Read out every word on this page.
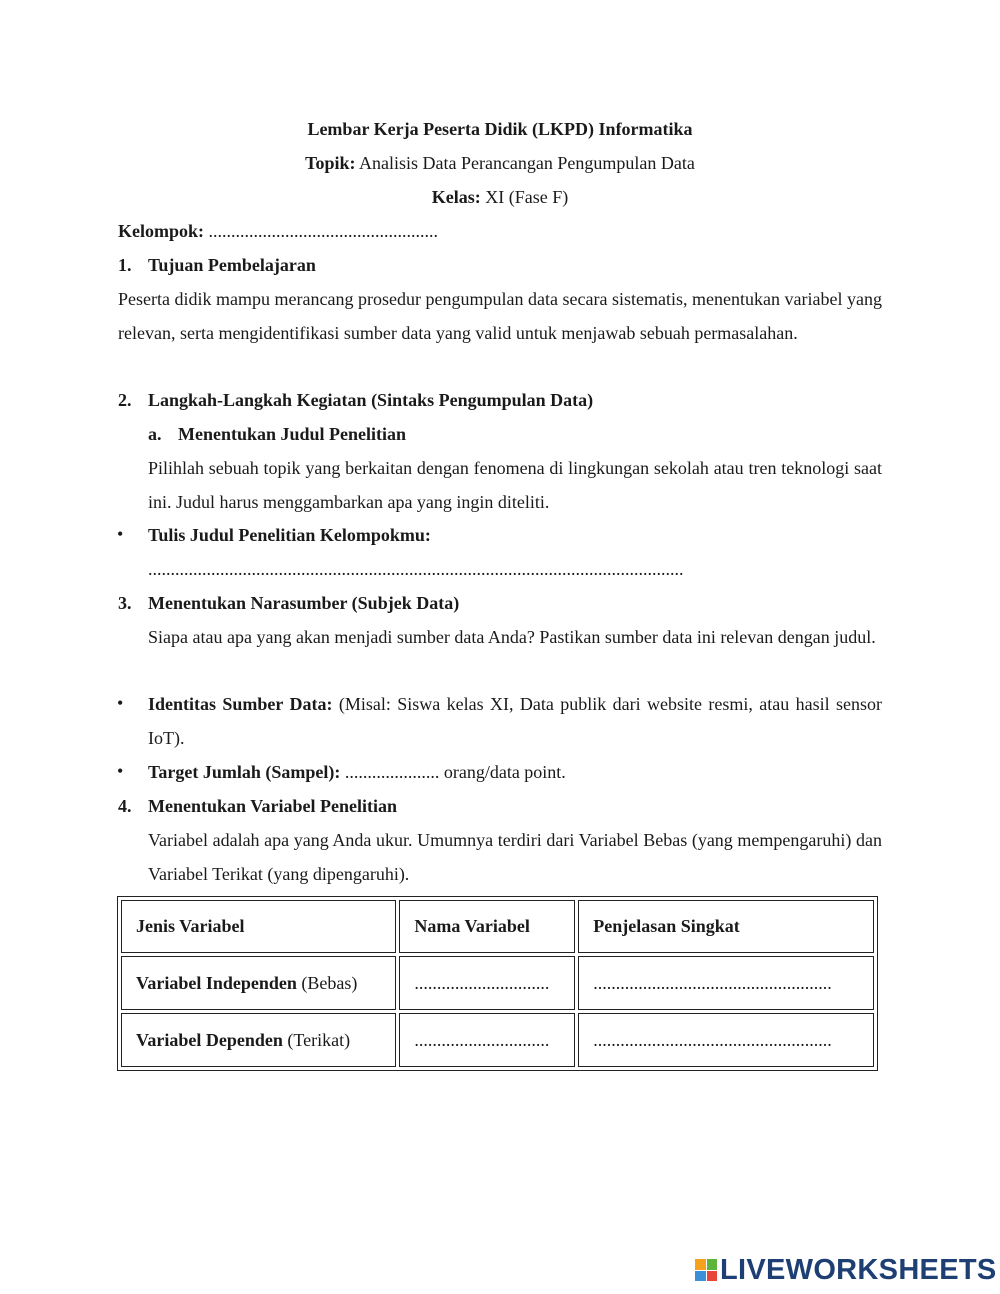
Lembar Kerja Peserta Didik (LKPD) Informatika
Topik: Analisis Data Perancangan Pengumpulan Data
Kelas: XI (Fase F)
Kelompok: ...................................................
1. Tujuan Pembelajaran
Peserta didik mampu merancang prosedur pengumpulan data secara sistematis, menentukan variabel yang relevan, serta mengidentifikasi sumber data yang valid untuk menjawab sebuah permasalahan.
2. Langkah-Langkah Kegiatan (Sintaks Pengumpulan Data)
a. Menentukan Judul Penelitian
Pilihlah sebuah topik yang berkaitan dengan fenomena di lingkungan sekolah atau tren teknologi saat ini. Judul harus menggambarkan apa yang ingin diteliti.
• Tulis Judul Penelitian Kelompokmu:
.......................................................................................................................
3. Menentukan Narasumber (Subjek Data)
Siapa atau apa yang akan menjadi sumber data Anda? Pastikan sumber data ini relevan dengan judul.
• Identitas Sumber Data: (Misal: Siswa kelas XI, Data publik dari website resmi, atau hasil sensor IoT).
• Target Jumlah (Sampel): ..................... orang/data point.
4. Menentukan Variabel Penelitian
Variabel adalah apa yang Anda ukur. Umumnya terdiri dari Variabel Bebas (yang mempengaruhi) dan Variabel Terikat (yang dipengaruhi).
Jenis Variabel	Nama Variabel	Penjelasan Singkat
Variabel Independen (Bebas)	..............................	.....................................................
Variabel Dependen (Terikat)	..............................	.....................................................
LIVEWORKSHEETS
